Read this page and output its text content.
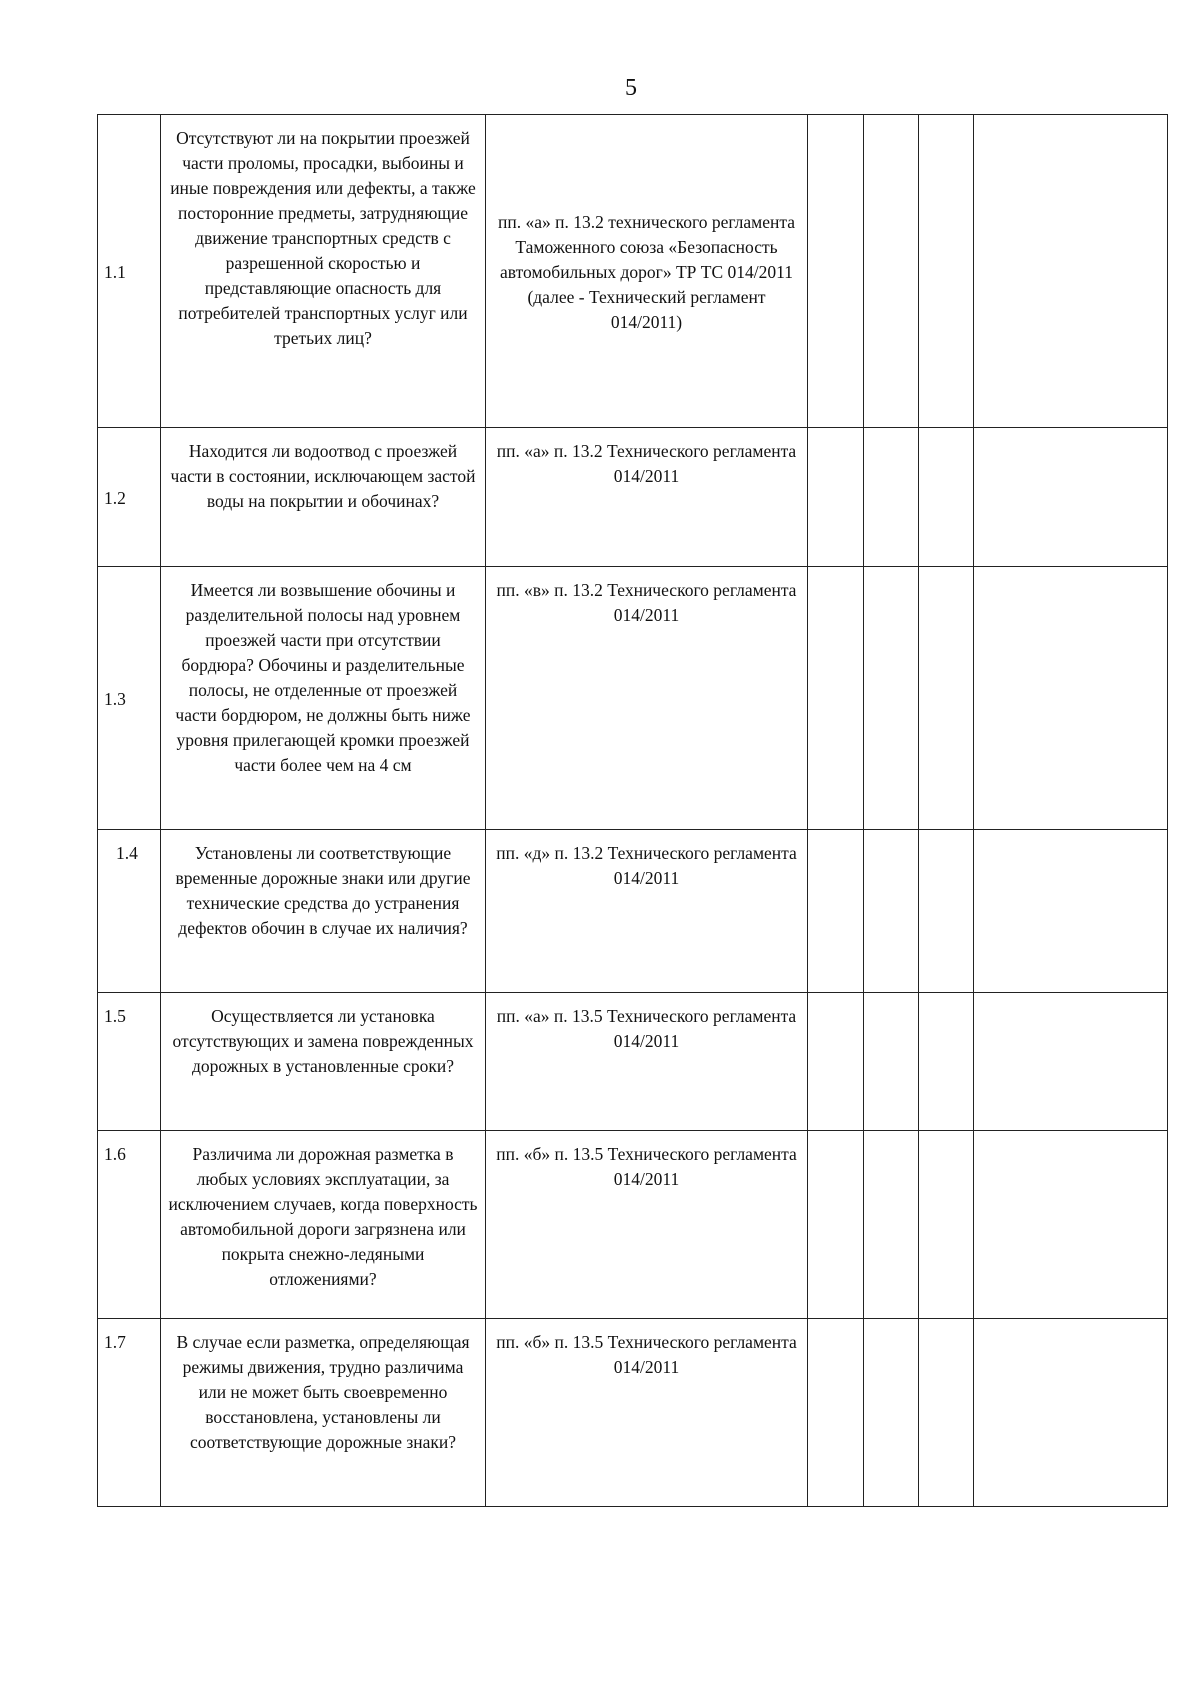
5
1.1	Отсутствуют ли на покрытии проезжей части проломы, просадки, выбоины и иные повреждения или дефекты, а также посторонние предметы, затрудняющие движение транспортных средств с разрешенной скоростью и представляющие опасность для потребителей транспортных услуг или третьих лиц?	пп. «а» п. 13.2 технического регламента Таможенного союза «Безопасность автомобильных дорог» ТР ТС 014/2011 (далее - Технический регламент 014/2011)				
1.2	Находится ли водоотвод с проезжей части в состоянии, исключающем застой воды на покрытии и обочинах?	пп. «а» п. 13.2 Технического регламента 014/2011				
1.3	Имеется ли возвышение обочины и разделительной полосы над уровнем проезжей части при отсутствии бордюра? Обочины и разделительные полосы, не отделенные от проезжей части бордюром, не должны быть ниже уровня прилегающей кромки проезжей части более чем на 4 см	пп. «в» п. 13.2 Технического регламента 014/2011				
1.4	Установлены ли соответствующие временные дорожные знаки или другие технические средства до устранения дефектов обочин в случае их наличия?	пп. «д» п. 13.2 Технического регламента 014/2011				
1.5	Осуществляется ли установка отсутствующих и замена поврежденных дорожных в установленные сроки?	пп. «а» п. 13.5 Технического регламента 014/2011				
1.6	Различима ли дорожная разметка в любых условиях эксплуатации, за исключением случаев, когда поверхность автомобильной дороги загрязнена или покрыта снежно-ледяными отложениями?	пп. «б» п. 13.5 Технического регламента 014/2011				
1.7	В случае если разметка, определяющая режимы движения, трудно различима или не может быть своевременно восстановлена, установлены ли соответствующие дорожные знаки?	пп. «б» п. 13.5 Технического регламента 014/2011				
